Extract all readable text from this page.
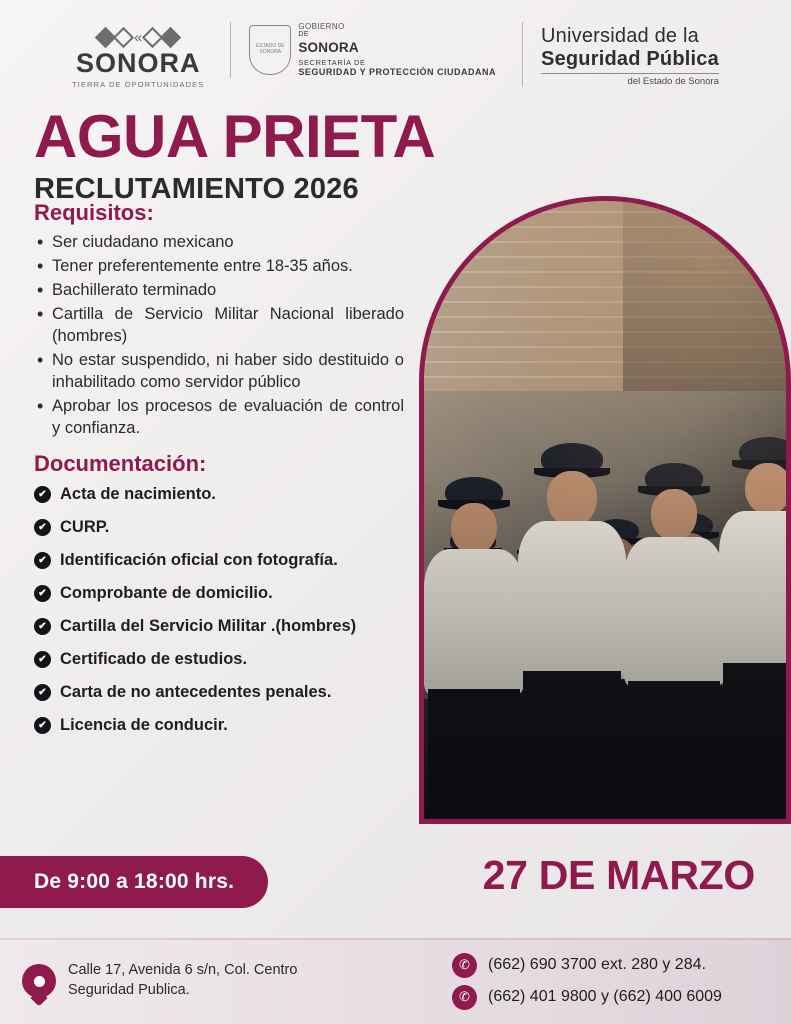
«
SONORA
TIERRA DE OPORTUNIDADES
ESTADO DE SONORA
GOBIERNO
DE
SONORA
SECRETARÍA DE
SEGURIDAD Y PROTECCIÓN CIUDADANA
Universidad de la
Seguridad Pública
del Estado de Sonora
AGUA PRIETA
RECLUTAMIENTO 2026
Requisitos:
• Ser ciudadano mexicano
• Tener preferentemente entre 18-35 años.
• Bachillerato terminado
• Cartilla de Servicio Militar Nacional liberado (hombres)
• No estar suspendido, ni haber sido destituido o inhabilitado como servidor público
• Aprobar los procesos de evaluación de control y confianza.
Documentación:
✔ Acta de nacimiento.
✔ CURP.
✔ Identificación oficial con fotografía.
✔ Comprobante de domicilio.
✔ Cartilla del Servicio Militar .(hombres)
✔ Certificado de estudios.
✔ Carta de no antecedentes penales.
✔ Licencia de conducir.
De 9:00 a 18:00 hrs.	27 DE MARZO
Calle 17, Avenida 6 s/n, Col. Centro
Seguridad Publica.
✆	(662) 690 3700 ext. 280 y 284.
✆	(662) 401 9800 y (662) 400 6009
